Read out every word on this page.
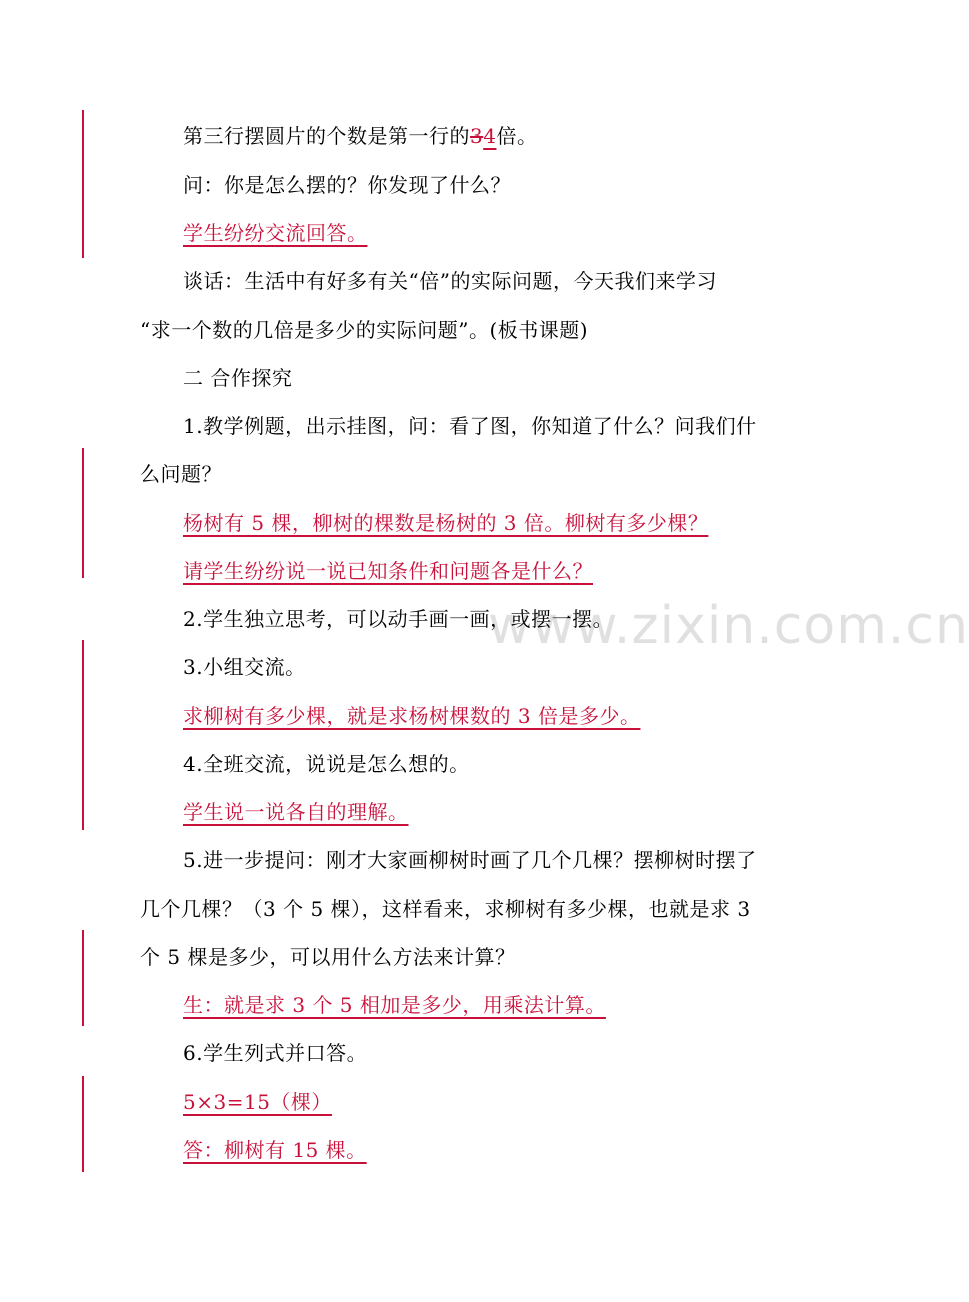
第三行摆圆片的个数是第一行的34倍。
问：你是怎么摆的？你发现了什么？
学生纷纷交流回答。
谈话：生活中有好多有关“倍”的实际问题，今天我们来学习
“求一个数的几倍是多少的实际问题”。(板书课题)
二 合作探究
1.教学例题，出示挂图，问：看了图，你知道了什么？问我们什
么问题？
杨树有 5 棵，柳树的棵数是杨树的 3 倍。柳树有多少棵？
请学生纷纷说一说已知条件和问题各是什么？
2.学生独立思考，可以动手画一画，或摆一摆。
3.小组交流。
求柳树有多少棵，就是求杨树棵数的 3 倍是多少。
4.全班交流，说说是怎么想的。
学生说一说各自的理解。
5.进一步提问：刚才大家画柳树时画了几个几棵？摆柳树时摆了
几个几棵？（3 个 5 棵），这样看来，求柳树有多少棵，也就是求 3
个 5 棵是多少，可以用什么方法来计算？
生：就是求 3 个 5 相加是多少，用乘法计算。
6.学生列式并口答。
5×3=15（棵）
答：柳树有 15 棵。
www.zixin.com.cn
